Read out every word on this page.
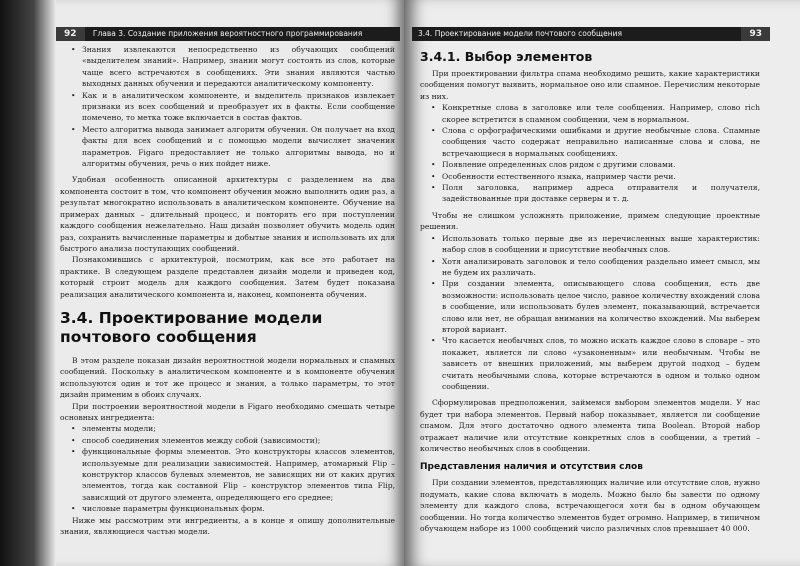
92 Глава 3. Создание приложения вероятностного программирования
• Знания извлекаются непосредственно из обучающих сообщений «выделителем знаний». Например, знания могут состоять из слов, которые чаще всего встречаются в сообщениях. Эти знания являются частью выходных данных обучения и передаются аналитическому компоненту.
• Как и в аналитическом компоненте, и выделитель признаков извлекает признаки из всех сообщений и преобразует их в факты. Если сообщение помечено, то метка тоже включается в состав фактов.
• Место алгоритма вывода занимает алгоритм обучения. Он получает на вход факты для всех сообщений и с помощью модели вычисляет значения параметров. Figaro предоставляет не только алгоритмы вывода, но и алгоритмы обучения, речь о них пойдет ниже.

Удобная особенность описанной архитектуры с разделением на два компонента состоит в том, что компонент обучения можно выполнить один раз, а результат многократно использовать в аналитическом компоненте. Обучение на примерах данных – длительный процесс, и повторять его при поступлении каждого сообщения нежелательно. Наш дизайн позволяет обучить модель один раз, сохранить вычисленные параметры и добытые знания и использовать их для быстрого анализа поступающих сообщений.

Познакомившись с архитектурой, посмотрим, как все это работает на практике. В следующем разделе представлен дизайн модели и приведен код, который строит модель для каждого сообщения. Затем будет показана реализация аналитического компонента и, наконец, компонента обучения.

3.4. Проектирование модели почтового сообщения

В этом разделе показан дизайн вероятностной модели нормальных и спамных сообщений. Поскольку в аналитическом компоненте и в компоненте обучения используются один и тот же процесс и знания, а только параметры, то этот дизайн применим в обоих случаях.

При построении вероятностной модели в Figaro необходимо смешать четыре основных ингредиента:

• элементы модели;
• способ соединения элементов между собой (зависимости);
• функциональные формы элементов. Это конструкторы классов элементов, используемые для реализации зависимостей. Например, атомарный Flip – конструктор классов булевых элементов, не зависящих ни от каких других элементов, тогда как составной Flip – конструктор элементов типа Flip, зависящий от другого элемента, определяющего его среднее;
• числовые параметры функциональных форм.

Ниже мы рассмотрим эти ингредиенты, а в конце я опишу дополнительные знания, являющиеся частью модели.

3.4. Проектирование модели почтового сообщения	93
3.4.1. Выбор элементов

При проектировании фильтра спама необходимо решить, какие характеристики сообщения помогут выявить, нормальное оно или спамное. Перечислим некоторые из них.

• Конкретные слова в заголовке или теле сообщения. Например, слово rich скорее встретится в спамном сообщении, чем в нормальном.
• Слова с орфографическими ошибками и другие необычные слова. Спамные сообщения часто содержат неправильно написанные слова и слова, не встречающиеся в нормальных сообщениях.
• Появление определенных слов рядом с другими словами.
• Особенности естественного языка, например части речи.
• Поля заголовка, например адреса отправителя и получателя, задействованные при доставке серверы и т. д.

Чтобы не слишком усложнять приложение, примем следующие проектные решения.

• Использовать только первые две из перечисленных выше характеристик: набор слов в сообщении и присутствие необычных слов.
• Хотя анализировать заголовок и тело сообщения раздельно имеет смысл, мы не будем их различать.
• При создании элемента, описывающего слова сообщения, есть две возможности: использовать целое число, равное количеству вхождений слова в сообщение, или использовать булев элемент, показывающий, встречается слово или нет, не обращая внимания на количество вхождений. Мы выберем второй вариант.
• Что касается необычных слов, то можно искать каждое слово в словаре – это покажет, является ли слово «узаконенным» или необычным. Чтобы не зависеть от внешних приложений, мы выберем другой подход – будем считать необычными слова, которые встречаются в одном и только одном сообщении.

Сформулировав предположения, займемся выбором элементов модели. У нас будет три набора элементов. Первый набор показывает, является ли сообщение спамом. Для этого достаточно одного элемента типа Boolean. Второй набор отражает наличие или отсутствие конкретных слов в сообщении, а третий – количество необычных слов в сообщении.

Представления наличия и отсутствия слов

При создании элементов, представляющих наличие или отсутствие слов, нужно подумать, какие слова включать в модель. Можно было бы завести по одному элементу для каждого слова, встречающегося хотя бы в одном обучающем сообщении. Но тогда количество элементов будет огромно. Например, в типичном обучающем наборе из 1000 сообщений число различных слов превышает 40 000.
